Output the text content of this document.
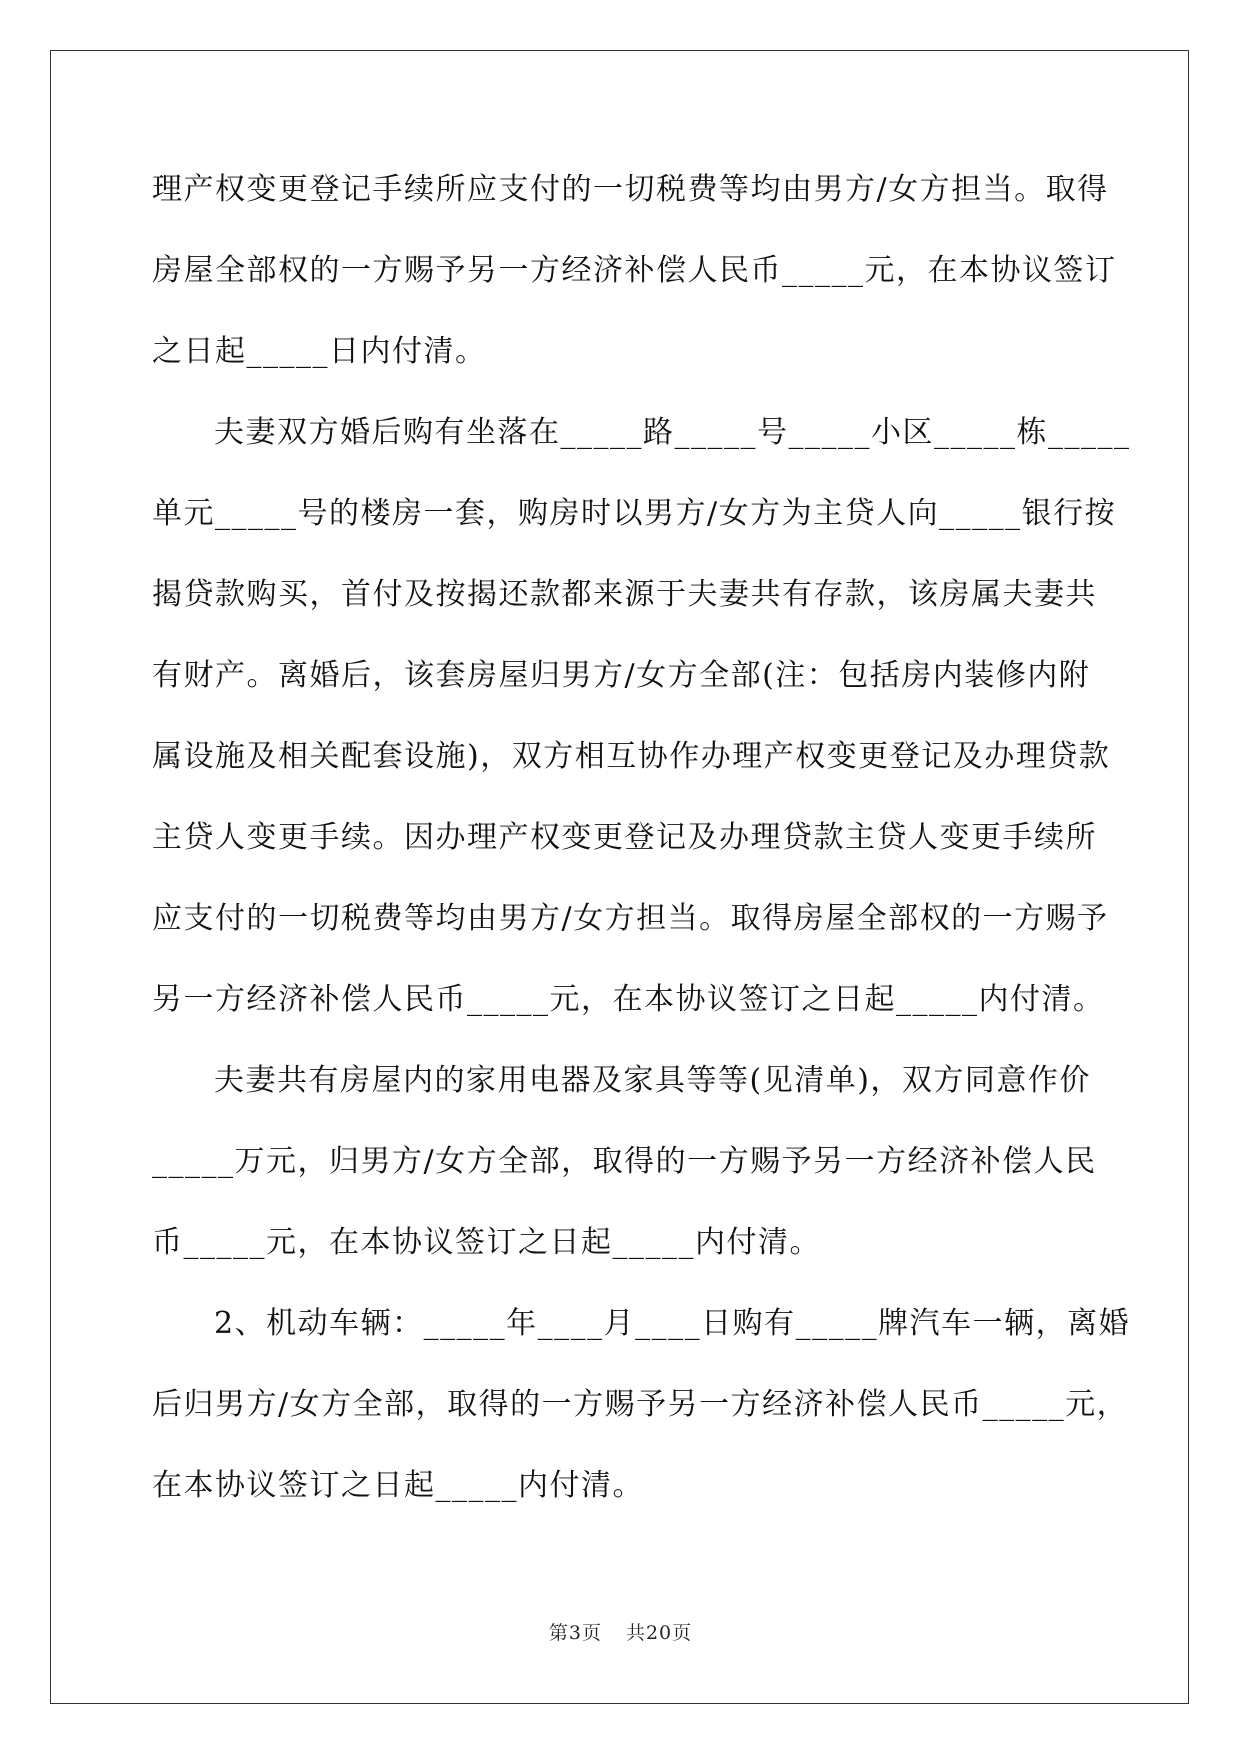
理产权变更登记手续所应支付的一切税费等均由男方/女方担当。取得
房屋全部权的一方赐予另一方经济补偿人民币_____元，在本协议签订
之日起_____日内付清。
夫妻双方婚后购有坐落在_____路_____号_____小区_____栋_____
单元_____号的楼房一套，购房时以男方/女方为主贷人向_____银行按
揭贷款购买，首付及按揭还款都来源于夫妻共有存款，该房属夫妻共
有财产。离婚后，该套房屋归男方/女方全部(注：包括房内装修内附
属设施及相关配套设施)，双方相互协作办理产权变更登记及办理贷款
主贷人变更手续。因办理产权变更登记及办理贷款主贷人变更手续所
应支付的一切税费等均由男方/女方担当。取得房屋全部权的一方赐予
另一方经济补偿人民币_____元，在本协议签订之日起_____内付清。
夫妻共有房屋内的家用电器及家具等等(见清单)，双方同意作价
_____万元，归男方/女方全部，取得的一方赐予另一方经济补偿人民
币_____元，在本协议签订之日起_____内付清。
2、机动车辆：_____年____月____日购有_____牌汽车一辆，离婚
后归男方/女方全部，取得的一方赐予另一方经济补偿人民币_____元，
在本协议签订之日起_____内付清。
第3页 共20页
